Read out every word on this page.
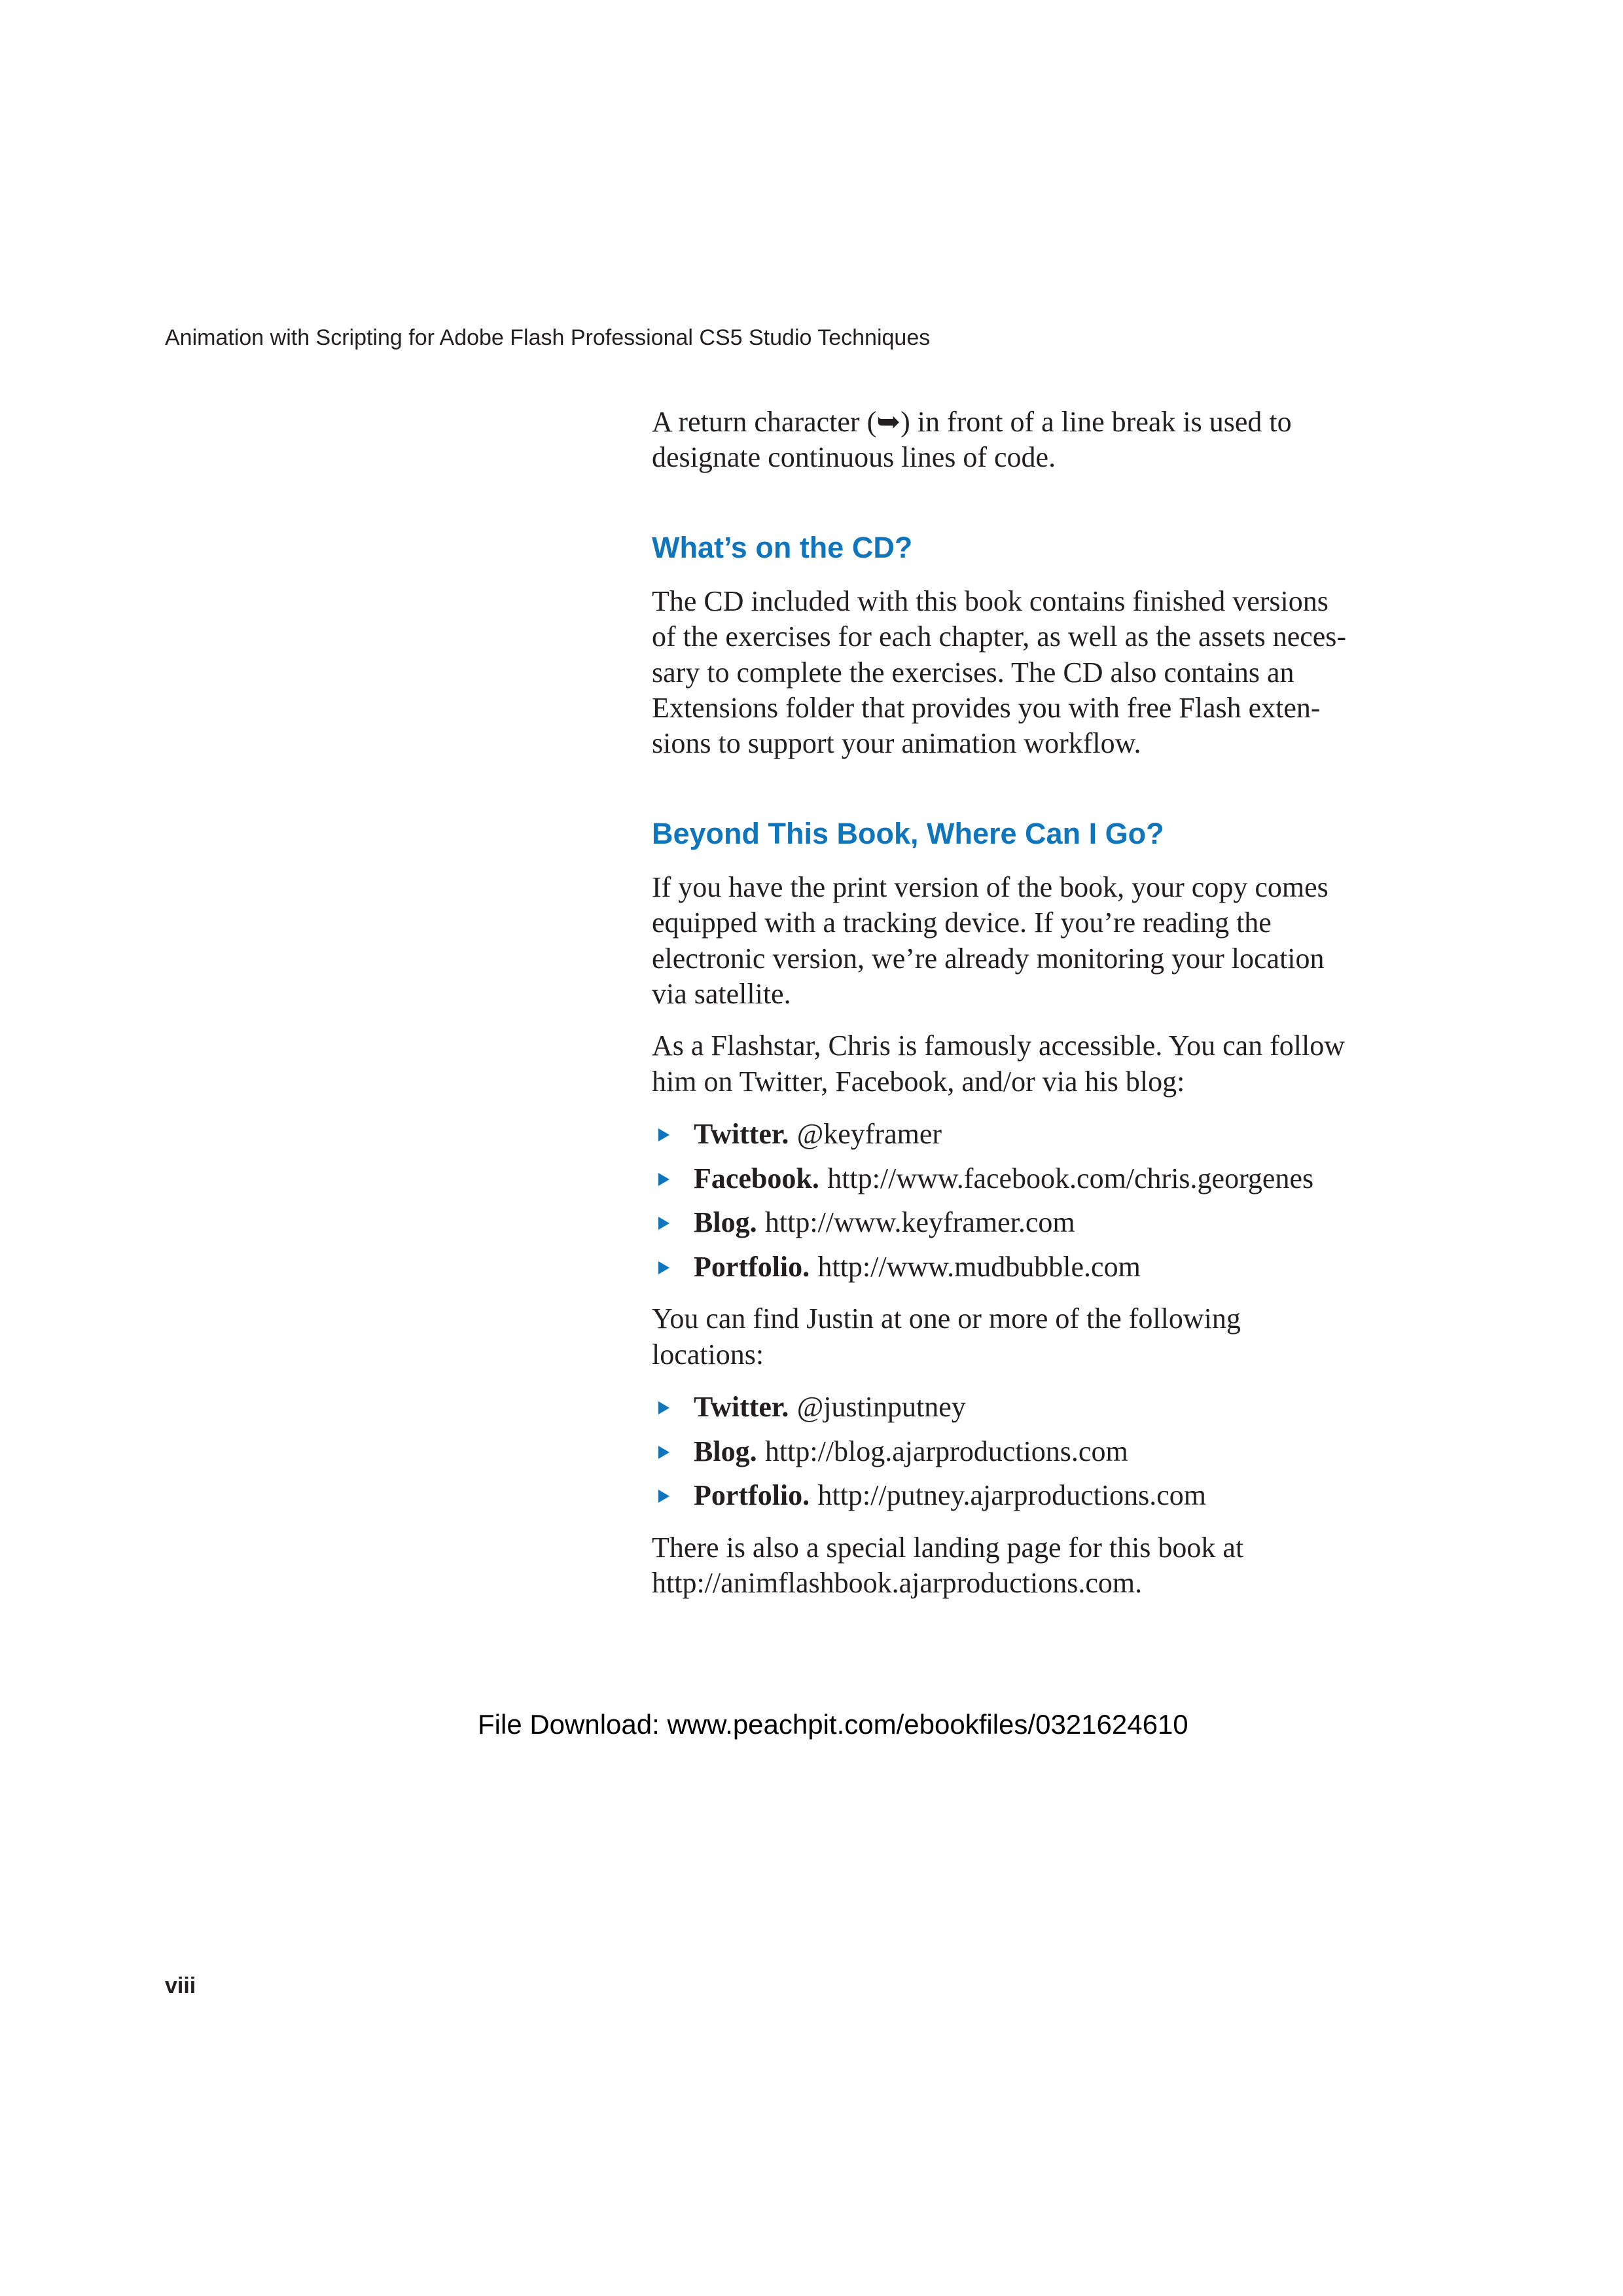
Animation with Scripting for Adobe Flash Professional CS5 Studio Techniques

A return character (➥) in front of a line break is used to
designate continuous lines of code.

What’s on the CD?

The CD included with this book contains finished versions
of the exercises for each chapter, as well as the assets neces-
sary to complete the exercises. The CD also contains an
Extensions folder that provides you with free Flash exten-
sions to support your animation workflow.

Beyond This Book, Where Can I Go?

If you have the print version of the book, your copy comes
equipped with a tracking device. If you’re reading the
electronic version, we’re already monitoring your location
via satellite.

As a Flashstar, Chris is famously accessible. You can follow
him on Twitter, Facebook, and/or via his blog:

Twitter. @keyframer
Facebook. http://www.facebook.com/chris.georgenes
Blog. http://www.keyframer.com
Portfolio. http://www.mudbubble.com

You can find Justin at one or more of the following
locations:

Twitter. @justinputney
Blog. http://blog.ajarproductions.com
Portfolio. http://putney.ajarproductions.com

There is also a special landing page for this book at
http://animflashbook.ajarproductions.com.

File Download: www.peachpit.com/ebookfiles/0321624610
viii
